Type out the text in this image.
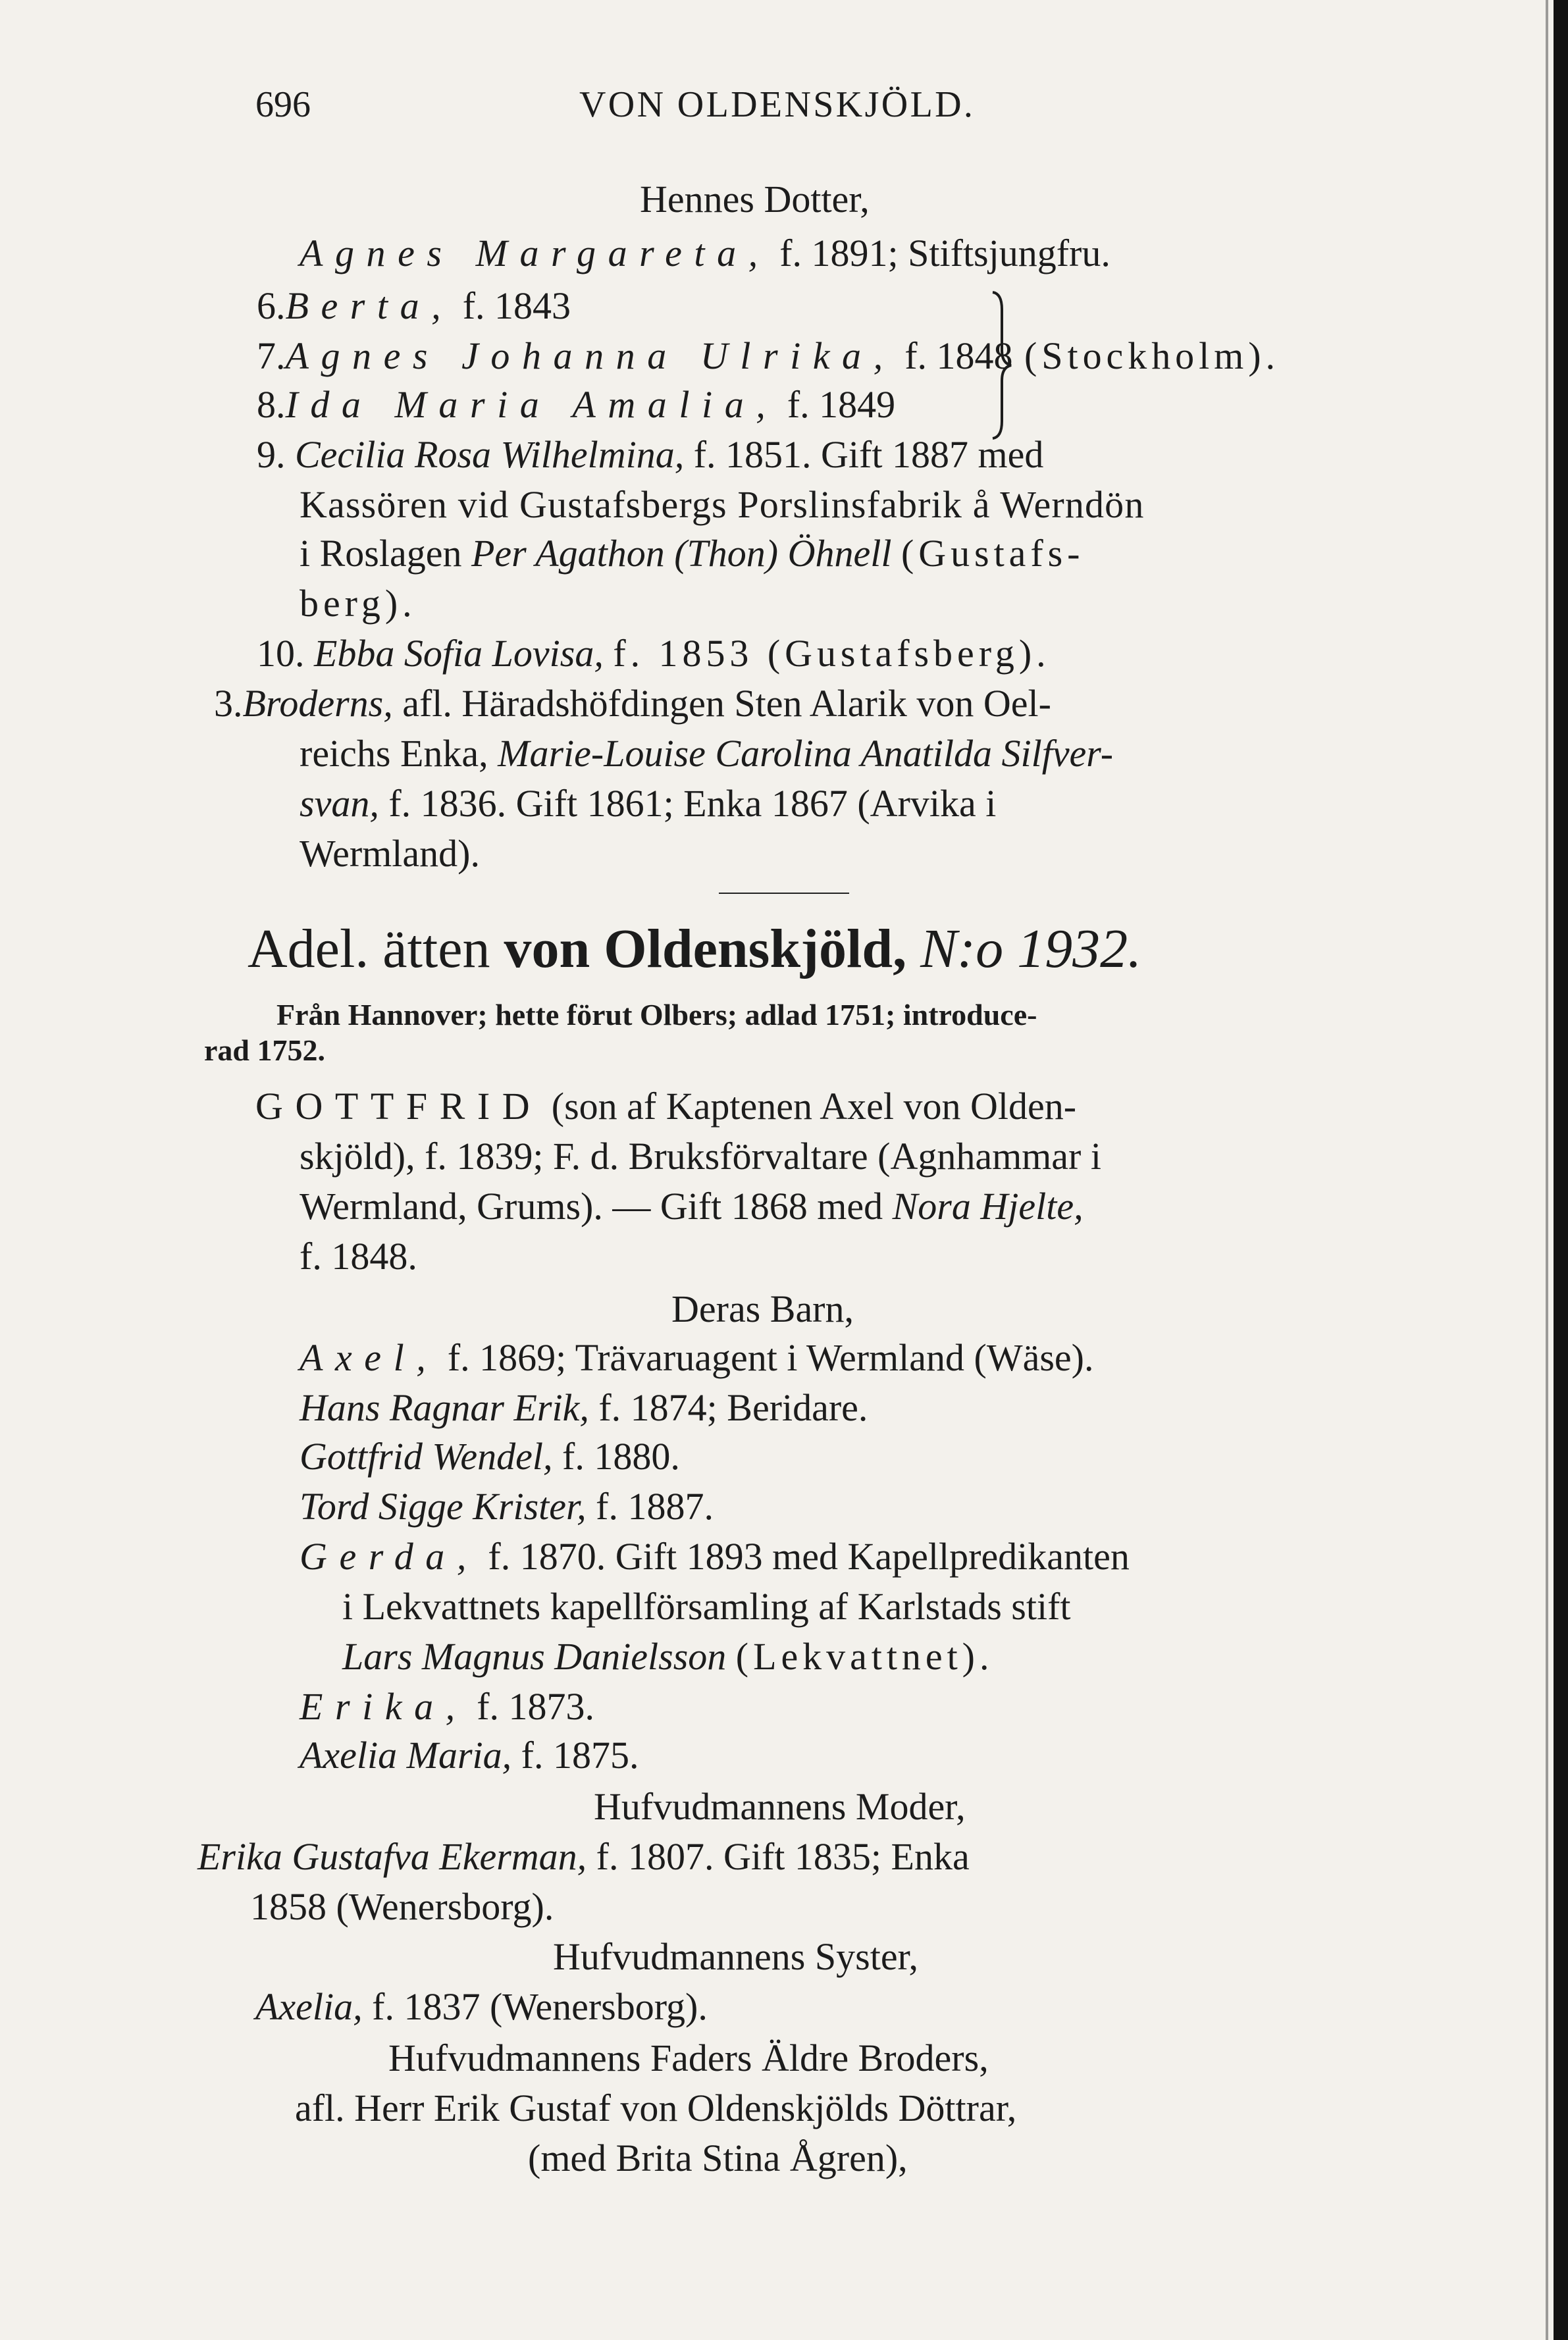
696	VON OLDENSKJÖLD.
Hennes Dotter,
Agnes Margareta, f. 1891; Stiftsjungfru.
6.Berta, f. 1843
7.Agnes Johanna Ulrika, f. 1848
8.Ida Maria Amalia, f. 1849
(Stockholm).
9. Cecilia Rosa Wilhelmina, f. 1851. Gift 1887 med
Kassören vid Gustafsbergs Porslinsfabrik å Werndön
i Roslagen Per Agathon (Thon) Öhnell (Gustafs-
berg).
10. Ebba Sofia Lovisa, f. 1853 (Gustafsberg).
3.Broderns, afl. Häradshöfdingen Sten Alarik von Oel-
reichs Enka, Marie-Louise Carolina Anatilda Silfver-
svan, f. 1836. Gift 1861; Enka 1867 (Arvika i
Wermland).
Adel. ätten von Oldenskjöld, N:o 1932.
Från Hannover; hette förut Olbers; adlad 1751; introduce-
rad 1752.
GOTTFRID (son af Kaptenen Axel von Olden-
skjöld), f. 1839; F. d. Bruksförvaltare (Agnhammar i
Wermland, Grums). — Gift 1868 med Nora Hjelte,
f. 1848.
Deras Barn,
Axel, f. 1869; Trävaruagent i Wermland (Wäse).
Hans Ragnar Erik, f. 1874; Beridare.
Gottfrid Wendel, f. 1880.
Tord Sigge Krister, f. 1887.
Gerda, f. 1870. Gift 1893 med Kapellpredikanten
i Lekvattnets kapellförsamling af Karlstads stift
Lars Magnus Danielsson (Lekvattnet).
Erika, f. 1873.
Axelia Maria, f. 1875.
Hufvudmannens Moder,
Erika Gustafva Ekerman, f. 1807. Gift 1835; Enka
1858 (Wenersborg).
Hufvudmannens Syster,
Axelia, f. 1837 (Wenersborg).
Hufvudmannens Faders Äldre Broders,
afl. Herr Erik Gustaf von Oldenskjölds Döttrar,
(med Brita Stina Ågren),
